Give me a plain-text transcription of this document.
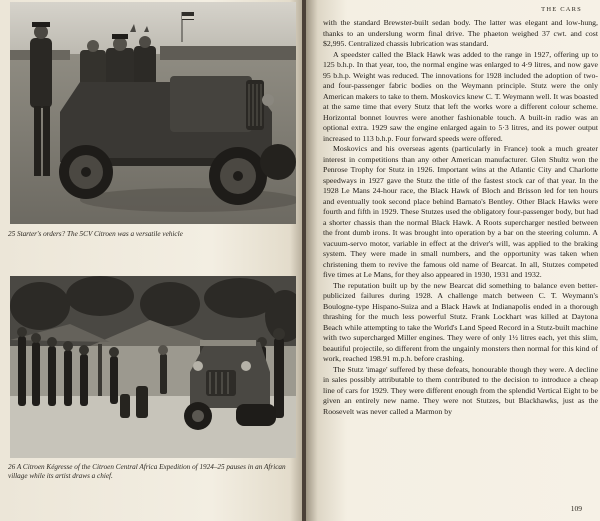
25 Starter's orders? The 5CV Citroen was a versatile vehicle
26 A Citroen Kégresse of the Citroen Central Africa Expedition of 1924–25 pauses in an African village while its artist draws a chief.
THE CARS

with the standard Brewster-built sedan body. The latter was elegant and low-hung, thanks to an underslung worm final drive. The phaeton weighed 37 cwt. and cost $2,995. Centralized chassis lubrication was standard.

A speedster called the Black Hawk was added to the range in 1927, offering up to 125 b.h.p. In that year, too, the normal engine was enlarged to 4·9 litres, and now gave 95 b.h.p. Weight was reduced. The innovations for 1928 included the adoption of two- and four-passenger fabric bodies on the Weymann principle. Stutz were the only American makers to take to them. Moskovics knew C. T. Weymann well. It was boasted at the same time that every Stutz that left the works wore a different colour scheme. Horizontal bonnet louvres were another fashionable touch. A built-in radio was an optional extra. 1929 saw the engine enlarged again to 5·3 litres, and its power output increased to 113 b.h.p. Four forward speeds were offered.

Moskovics and his overseas agents (particularly in France) took a much greater interest in competitions than any other American manufacturer. Glen Shultz won the Penrose Trophy for Stutz in 1926. Important wins at the Atlantic City and Charlotte speedways in 1927 gave the Stutz the title of the fastest stock car of that year. In the 1928 Le Mans 24-hour race, the Black Hawk of Bloch and Brisson led for ten hours and eventually took second place behind Barnato's Bentley. Other Black Hawks were fourth and fifth in 1929. These Stutzes used the obligatory four-passenger body, but had a shorter chassis than the normal Black Hawk. A Roots supercharger nestled between the front dumb irons. It was brought into operation by a bar on the steering column. A vacuum-servo motor, variable in effect at the driver's will, was applied to the braking system. They were made in small numbers, and the opportunity was taken when christening them to revive the famous old name of Bearcat. In all, Stutzes competed five times at Le Mans, for they also appeared in 1930, 1931 and 1932.

The reputation built up by the new Bearcat did something to balance even better-publicized failures during 1928. A challenge match between C. T. Weymann's Boulogne-type Hispano-Suiza and a Black Hawk at Indianapolis ended in a thorough thrashing for the much less powerful Stutz. Frank Lockhart was killed at Daytona Beach while attempting to take the World's Land Speed Record in a Stutz-built machine with two supercharged Miller engines. They were of only 1½ litres each, yet this slim, beautiful projectile, so different from the ungainly monsters then normal for this kind of work, reached 198.91 m.p.h. before crashing.

The Stutz 'image' suffered by these defeats, honourable though they were. A decline in sales possibly attributable to them contributed to the decision to introduce a cheap line of cars for 1929. They were different enough from the splendid Vertical Eight to be given an entirely new name. They were not Stutzes, but Blackhawks, just as the Roosevelt was never called a Marmon by

109
